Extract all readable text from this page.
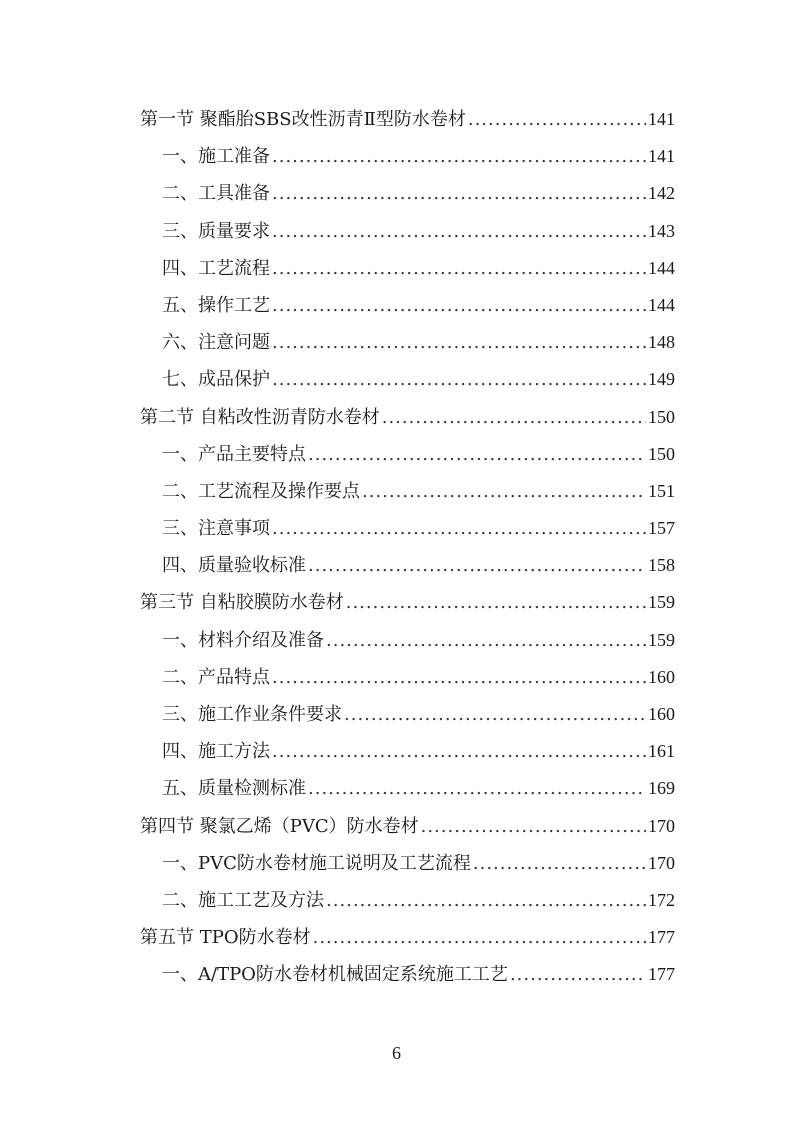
第一节 聚酯胎SBS改性沥青Ⅱ型防水卷材 .....	141
一、施工准备 .....	141
二、工具准备 .....	142
三、质量要求 .....	143
四、工艺流程 .....	144
五、操作工艺 .....	144
六、注意问题 .....	148
七、成品保护 .....	149
第二节 自粘改性沥青防水卷材 .....	150
一、产品主要特点 .....	150
二、工艺流程及操作要点 .....	151
三、注意事项 .....	157
四、质量验收标准 .....	158
第三节 自粘胶膜防水卷材 .....	159
一、材料介绍及准备 .....	159
二、产品特点 .....	160
三、施工作业条件要求 .....	160
四、施工方法 .....	161
五、质量检测标准 .....	169
第四节 聚氯乙烯（PVC）防水卷材 .....	170
一、PVC防水卷材施工说明及工艺流程 .....	170
二、施工工艺及方法 .....	172
第五节 TPO防水卷材 .....	177
一、A/TPO防水卷材机械固定系统施工工艺 .....	177
6
